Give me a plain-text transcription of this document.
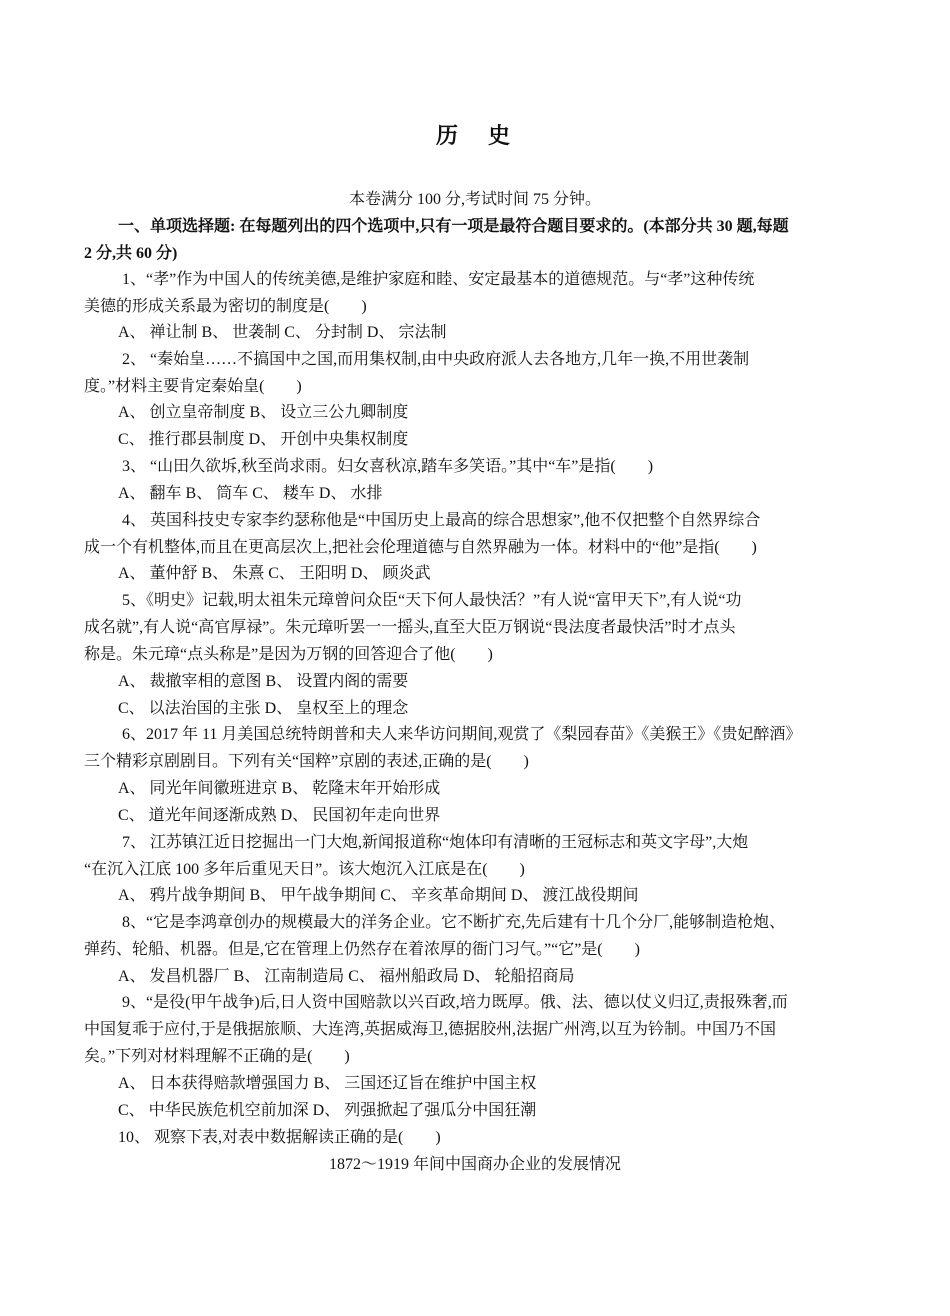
历　史
本卷满分 100 分,考试时间 75 分钟。
一、单项选择题: 在每题列出的四个选项中,只有一项是最符合题目要求的。(本部分共 30 题,每题
2 分,共 60 分)
1、“孝”作为中国人的传统美德,是维护家庭和睦、安定最基本的道德规范。与“孝”这种传统
美德的形成关系最为密切的制度是(　　)
A、 禅让制 B、 世袭制 C、 分封制 D、 宗法制
2、 “秦始皇……不搞国中之国,而用集权制,由中央政府派人去各地方,几年一换,不用世袭制
度。”材料主要肯定秦始皇(　　)
A、 创立皇帝制度 B、 设立三公九卿制度
C、 推行郡县制度 D、 开创中央集权制度
3、 “山田久欲坼,秋至尚求雨。妇女喜秋凉,踏车多笑语。”其中“车”是指(　　)
A、 翻车 B、 筒车 C、 耧车 D、 水排
4、 英国科技史专家李约瑟称他是“中国历史上最高的综合思想家”,他不仅把整个自然界综合
成一个有机整体,而且在更高层次上,把社会伦理道德与自然界融为一体。材料中的“他”是指(　　)
A、 董仲舒 B、 朱熹 C、 王阳明 D、 顾炎武
5、《明史》记载,明太祖朱元璋曾问众臣“天下何人最快活？”有人说“富甲天下”,有人说“功
成名就”,有人说“高官厚禄”。朱元璋听罢一一摇头,直至大臣万钢说“畏法度者最快活”时才点头
称是。朱元璋“点头称是”是因为万钢的回答迎合了他(　　)
A、 裁撤宰相的意图 B、 设置内阁的需要
C、 以法治国的主张 D、 皇权至上的理念
6、2017 年 11 月美国总统特朗普和夫人来华访问期间,观赏了《梨园春苗》《美猴王》《贵妃醉酒》
三个精彩京剧剧目。下列有关“国粹”京剧的表述,正确的是(　　)
A、 同光年间徽班进京 B、 乾隆末年开始形成
C、 道光年间逐渐成熟 D、 民国初年走向世界
7、 江苏镇江近日挖掘出一门大炮,新闻报道称“炮体印有清晰的王冠标志和英文字母”,大炮
“在沉入江底 100 多年后重见天日”。该大炮沉入江底是在(　　)
A、 鸦片战争期间 B、 甲午战争期间 C、 辛亥革命期间 D、 渡江战役期间
8、“它是李鸿章创办的规模最大的洋务企业。它不断扩充,先后建有十几个分厂,能够制造枪炮、
弹药、轮船、机器。但是,它在管理上仍然存在着浓厚的衙门习气。”“它”是(　　)
A、 发昌机器厂 B、 江南制造局 C、 福州船政局 D、 轮船招商局
9、“是役(甲午战争)后,日人资中国赔款以兴百政,培力既厚。俄、法、德以仗义归辽,责报殊奢,而
中国复乖于应付,于是俄据旅顺、大连湾,英据威海卫,德据胶州,法据广州湾,以互为钤制。中国乃不国
矣。”下列对材料理解不正确的是(　　)
A、 日本获得赔款增强国力 B、 三国还辽旨在维护中国主权
C、 中华民族危机空前加深 D、 列强掀起了强瓜分中国狂潮
10、 观察下表,对表中数据解读正确的是(　　)
1872～1919 年间中国商办企业的发展情况
